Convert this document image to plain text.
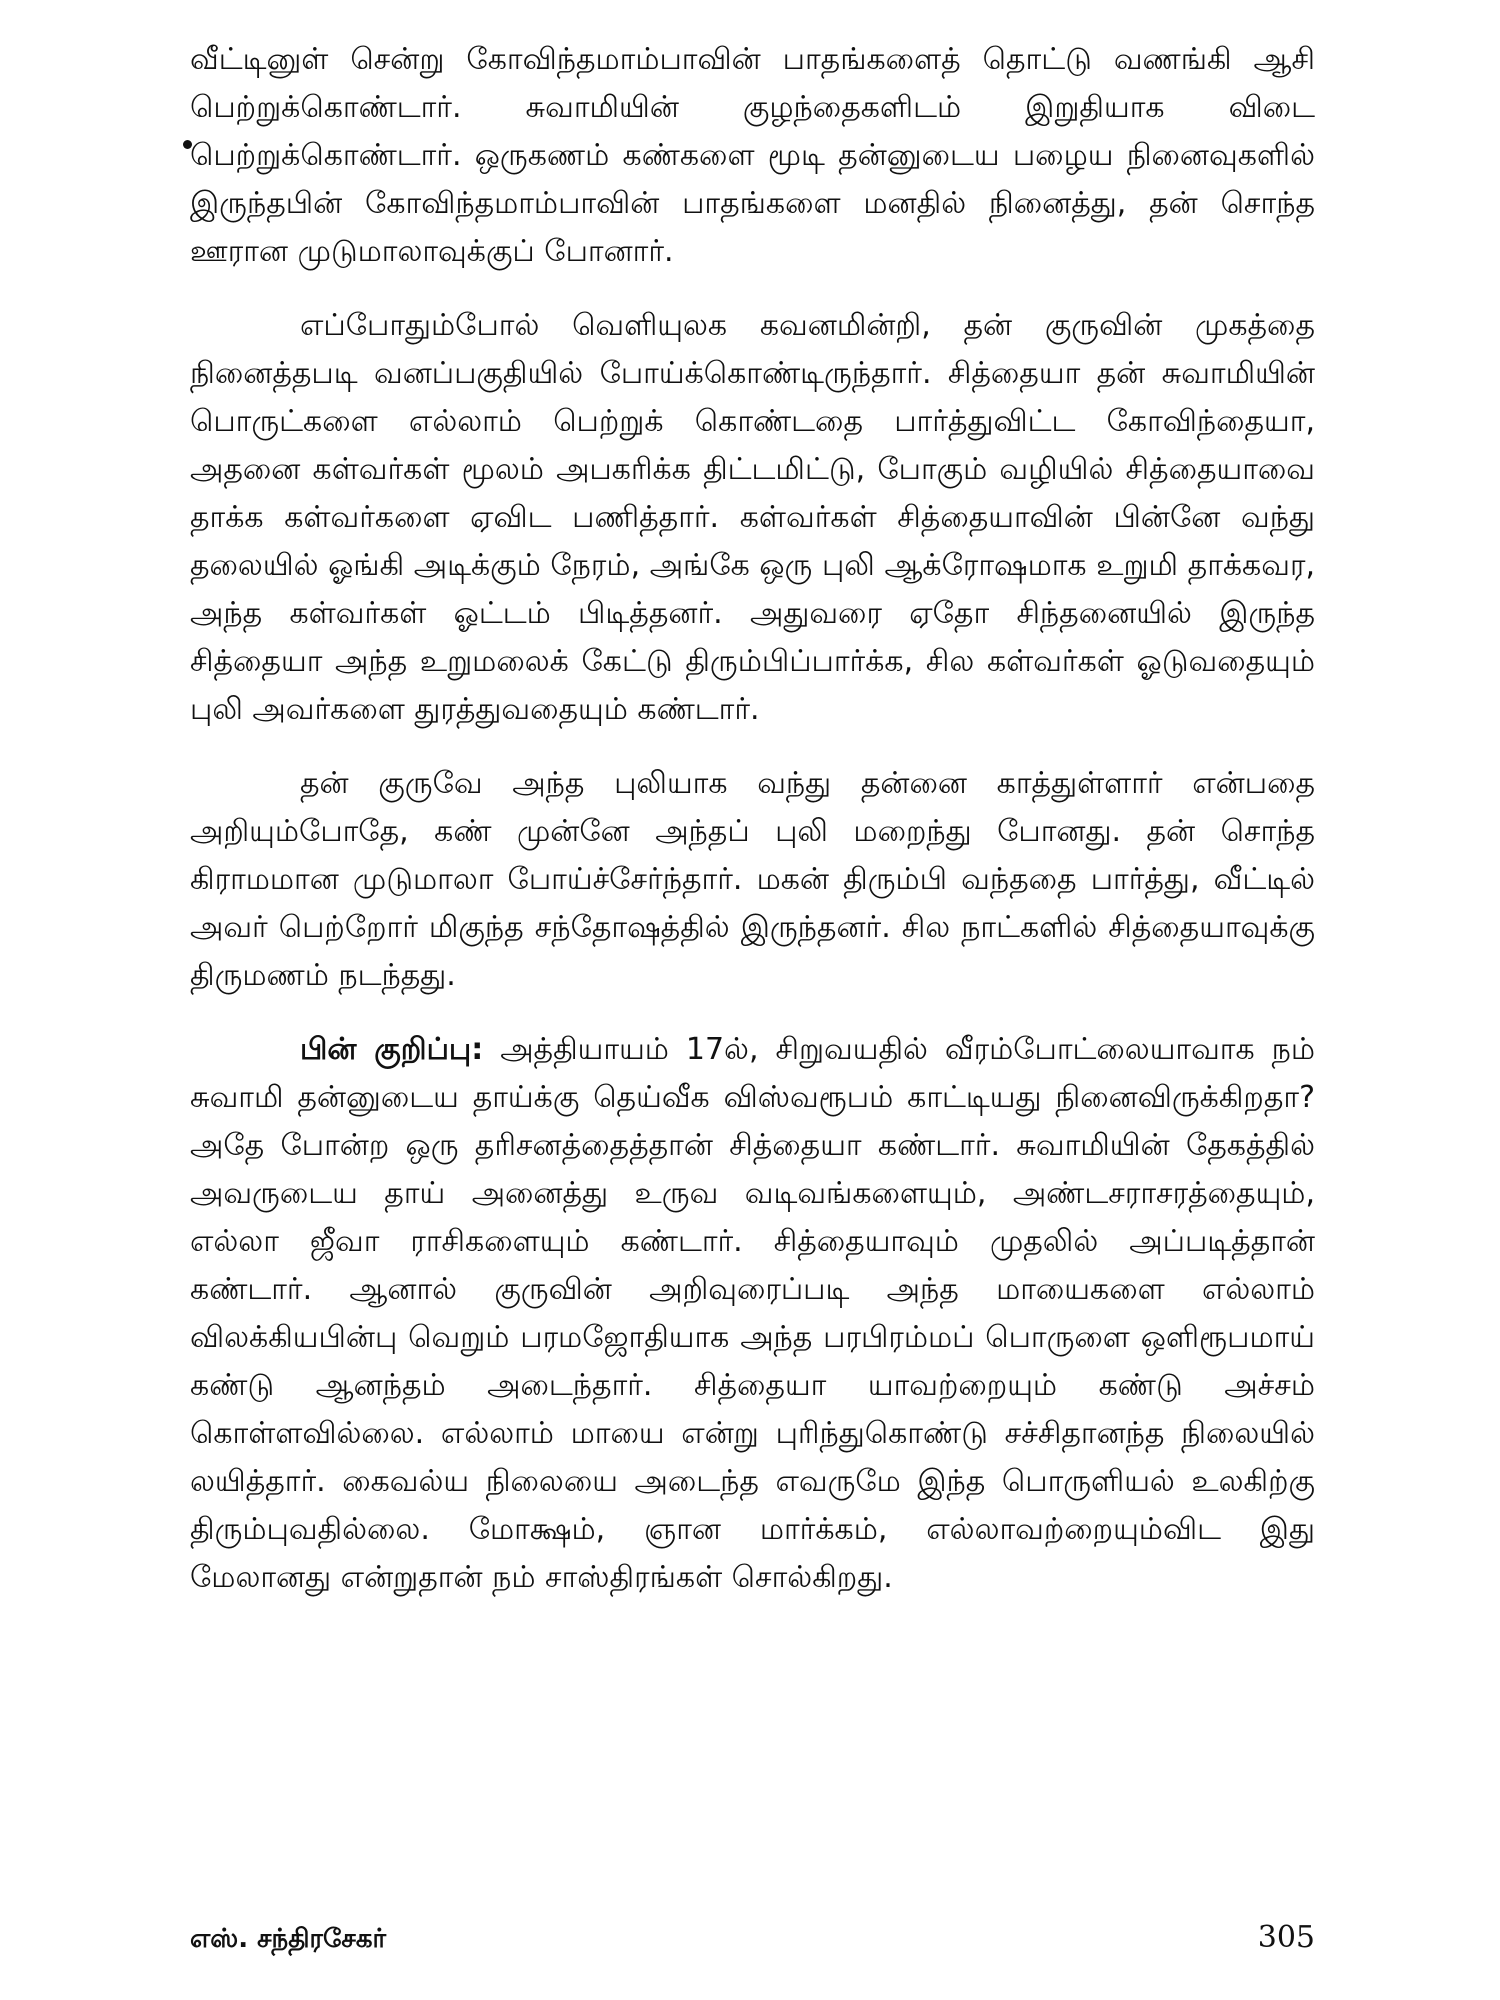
வீட்டினுள் சென்று கோவிந்தமாம்பாவின் பாதங்களைத் தொட்டு வணங்கி ஆசி பெற்றுக்கொண்டார். சுவாமியின் குழந்தைகளிடம் இறுதியாக விடை பெற்றுக்கொண்டார். ஒருகணம் கண்களை மூடி தன்னுடைய பழைய நினைவுகளில் இருந்தபின் கோவிந்தமாம்பாவின் பாதங்களை மனதில் நினைத்து, தன் சொந்த ஊரான முடுமாலாவுக்குப் போனார்.

எப்போதும்போல் வெளியுலக கவனமின்றி, தன் குருவின் முகத்தை நினைத்தபடி வனப்பகுதியில் போய்க்கொண்டிருந்தார். சித்தையா தன் சுவாமியின் பொருட்களை எல்லாம் பெற்றுக் கொண்டதை பார்த்துவிட்ட கோவிந்தையா, அதனை கள்வர்கள் மூலம் அபகரிக்க திட்டமிட்டு, போகும் வழியில் சித்தையாவை தாக்க கள்வர்களை ஏவிட பணித்தார். கள்வர்கள் சித்தையாவின் பின்னே வந்து தலையில் ஓங்கி அடிக்கும் நேரம், அங்கே ஒரு புலி ஆக்ரோஷமாக உறுமி தாக்கவர, அந்த கள்வர்கள் ஓட்டம் பிடித்தனர். அதுவரை ஏதோ சிந்தனையில் இருந்த சித்தையா அந்த உறுமலைக் கேட்டு திரும்பிப்பார்க்க, சில கள்வர்கள் ஓடுவதையும் புலி அவர்களை துரத்துவதையும் கண்டார்.

தன் குருவே அந்த புலியாக வந்து தன்னை காத்துள்ளார் என்பதை அறியும்போதே, கண் முன்னே அந்தப் புலி மறைந்து போனது. தன் சொந்த கிராமமான முடுமாலா போய்ச்சேர்ந்தார். மகன் திரும்பி வந்ததை பார்த்து, வீட்டில் அவர் பெற்றோர் மிகுந்த சந்தோஷத்தில் இருந்தனர். சில நாட்களில் சித்தையாவுக்கு திருமணம் நடந்தது.

பின் குறிப்பு: அத்தியாயம் 17ல், சிறுவயதில் வீரம்போட்லையாவாக நம் சுவாமி தன்னுடைய தாய்க்கு தெய்வீக விஸ்வரூபம் காட்டியது நினைவிருக்கிறதா? அதே போன்ற ஒரு தரிசனத்தைத்தான் சித்தையா கண்டார். சுவாமியின் தேகத்தில் அவருடைய தாய் அனைத்து உருவ வடிவங்களையும், அண்டசராசரத்தையும், எல்லா ஜீவா ராசிகளையும் கண்டார். சித்தையாவும் முதலில் அப்படித்தான் கண்டார். ஆனால் குருவின் அறிவுரைப்படி அந்த மாயைகளை எல்லாம் விலக்கியபின்பு வெறும் பரமஜோதியாக அந்த பரபிரம்மப் பொருளை ஒளிரூபமாய் கண்டு ஆனந்தம் அடைந்தார். சித்தையா யாவற்றையும் கண்டு அச்சம் கொள்ளவில்லை. எல்லாம் மாயை என்று புரிந்துகொண்டு சச்சிதானந்த நிலையில் லயித்தார். கைவல்ய நிலையை அடைந்த எவருமே இந்த பொருளியல் உலகிற்கு திரும்புவதில்லை. மோக்ஷம், ஞான மார்க்கம், எல்லாவற்றையும்விட இது மேலானது என்றுதான் நம் சாஸ்திரங்கள் சொல்கிறது.

எஸ். சந்திரசேகர்	305
